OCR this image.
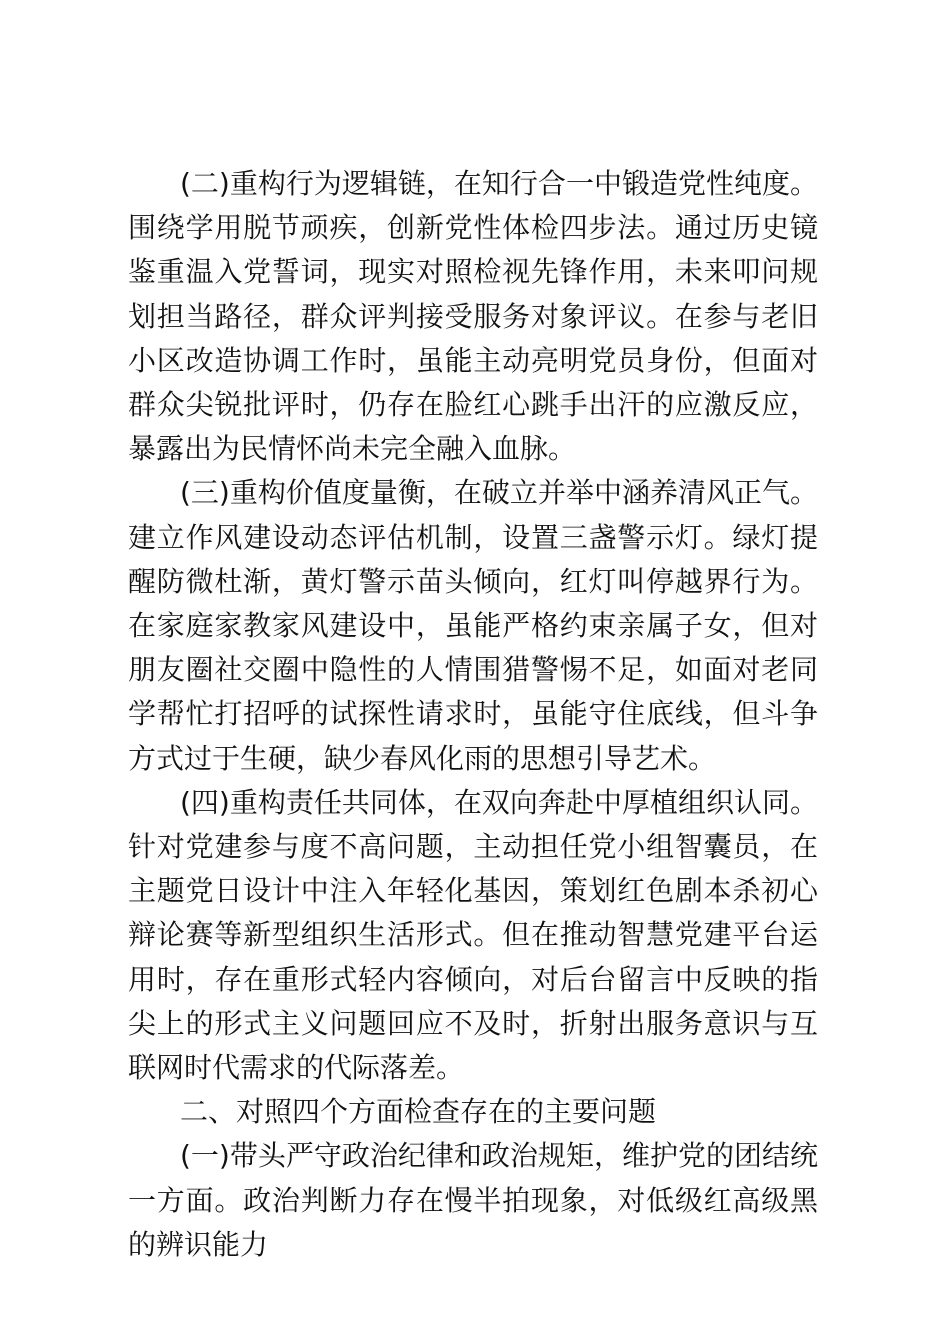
(二)重构行为逻辑链，在知行合一中锻造党性纯度。围绕学用脱节顽疾，创新党性体检四步法。通过历史镜鉴重温入党誓词，现实对照检视先锋作用，未来叩问规划担当路径，群众评判接受服务对象评议。在参与老旧小区改造协调工作时，虽能主动亮明党员身份，但面对群众尖锐批评时，仍存在脸红心跳手出汗的应激反应，暴露出为民情怀尚未完全融入血脉。

(三)重构价值度量衡，在破立并举中涵养清风正气。建立作风建设动态评估机制，设置三盏警示灯。绿灯提醒防微杜渐，黄灯警示苗头倾向，红灯叫停越界行为。在家庭家教家风建设中，虽能严格约束亲属子女，但对朋友圈社交圈中隐性的人情围猎警惕不足，如面对老同学帮忙打招呼的试探性请求时，虽能守住底线，但斗争方式过于生硬，缺少春风化雨的思想引导艺术。

(四)重构责任共同体，在双向奔赴中厚植组织认同。针对党建参与度不高问题，主动担任党小组智囊员，在主题党日设计中注入年轻化基因，策划红色剧本杀初心辩论赛等新型组织生活形式。但在推动智慧党建平台运用时，存在重形式轻内容倾向，对后台留言中反映的指尖上的形式主义问题回应不及时，折射出服务意识与互联网时代需求的代际落差。

二、对照四个方面检查存在的主要问题

(一)带头严守政治纪律和政治规矩，维护党的团结统一方面。政治判断力存在慢半拍现象，对低级红高级黑的辨识能力
